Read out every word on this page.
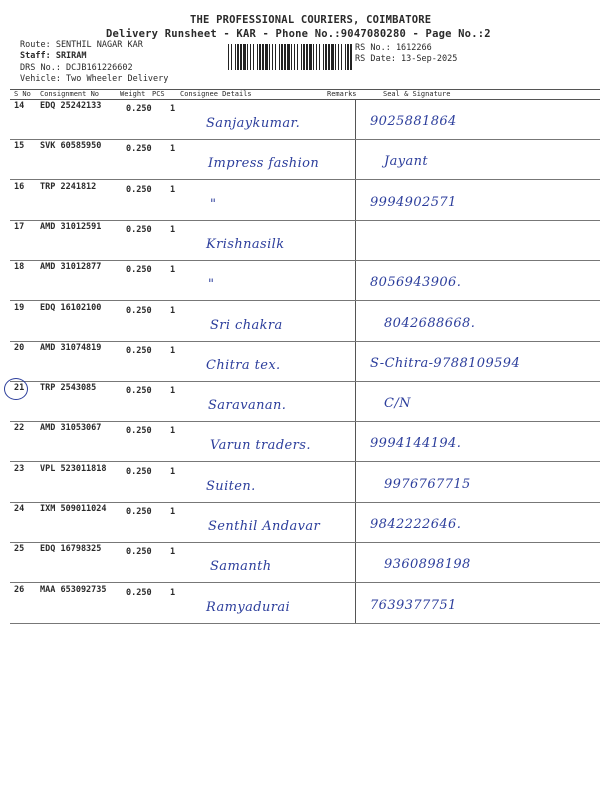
THE PROFESSIONAL COURIERS, COIMBATORE
Delivery Runsheet - KAR - Phone No.:9047080280 - Page No.:2
Route: SENTHIL NAGAR KAR
Staff: SRIRAM
DRS No.: DCJB161226602
Vehicle: Two Wheeler Delivery
RS No.: 1612266
RS Date: 13-Sep-2025
S No Consignment No	Weight PCS Consignee Details	Remarks	Seal & Signature
14 EDQ 25242133	0.250 1
Sanjaykumar.	9025881864
15 SVK 60585950	0.250 1
Impress fashion	Jayant
16 TRP 2241812	0.250 1
"	9994902571
17 AMD 31012591	0.250 1
Krishnasilk
18 AMD 31012877	0.250 1
"	8056943906.
19 EDQ 16102100	0.250 1
Sri chakra	8042688668.
20 AMD 31074819	0.250 1
Chitra tex.	S-Chitra-9788109594
21 TRP 2543085	0.250 1
Saravanan.	C/N
22 AMD 31053067	0.250 1
Varun traders.	9994144194.
23 VPL 523011818 0.250 1
Suiten.	9976767715
24 IXM 509011024 0.250 1
Senthil Andavar	9842222646.
25 EDQ 16798325	0.250 1
Samanth	9360898198
26 MAA 653092735 0.250 1
Ramyadurai	7639377751
